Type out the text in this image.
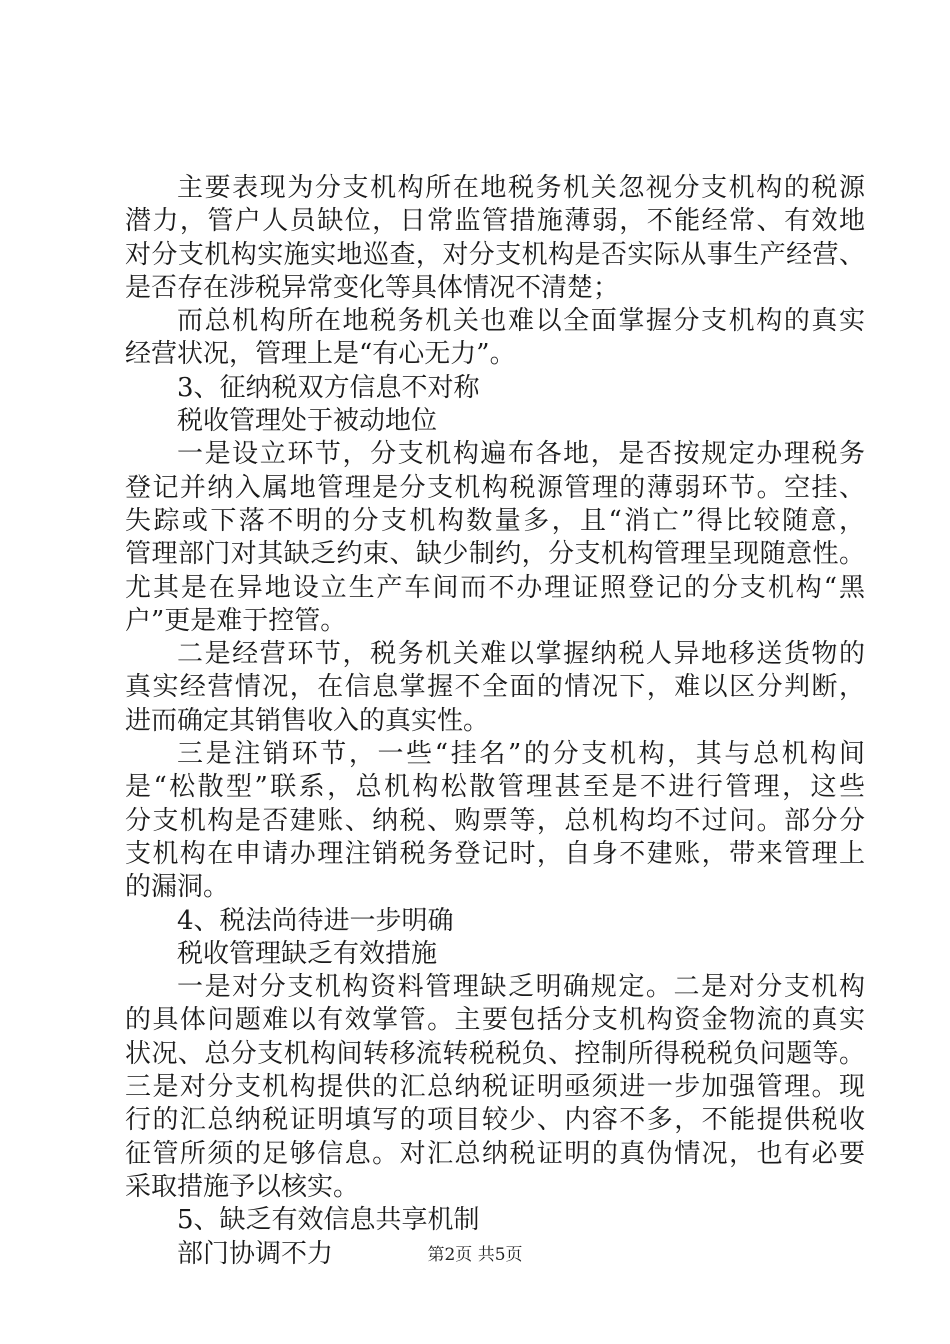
主要表现为分支机构所在地税务机关忽视分支机构的税源
潜力，管户人员缺位，日常监管措施薄弱，不能经常、有效地
对分支机构实施实地巡查，对分支机构是否实际从事生产经营、
是否存在涉税异常变化等具体情况不清楚；
而总机构所在地税务机关也难以全面掌握分支机构的真实
经营状况，管理上是“有心无力”。
3、征纳税双方信息不对称
税收管理处于被动地位
一是设立环节，分支机构遍布各地，是否按规定办理税务
登记并纳入属地管理是分支机构税源管理的薄弱环节。空挂、
失踪或下落不明的分支机构数量多，且“消亡”得比较随意，
管理部门对其缺乏约束、缺少制约，分支机构管理呈现随意性。
尤其是在异地设立生产车间而不办理证照登记的分支机构“黑
户”更是难于控管。
二是经营环节，税务机关难以掌握纳税人异地移送货物的
真实经营情况，在信息掌握不全面的情况下，难以区分判断，
进而确定其销售收入的真实性。
三是注销环节，一些“挂名”的分支机构，其与总机构间
是“松散型”联系，总机构松散管理甚至是不进行管理，这些
分支机构是否建账、纳税、购票等，总机构均不过问。部分分
支机构在申请办理注销税务登记时，自身不建账，带来管理上
的漏洞。
4、税法尚待进一步明确
税收管理缺乏有效措施
一是对分支机构资料管理缺乏明确规定。二是对分支机构
的具体问题难以有效掌管。主要包括分支机构资金物流的真实
状况、总分支机构间转移流转税税负、控制所得税税负问题等。
三是对分支机构提供的汇总纳税证明亟须进一步加强管理。现
行的汇总纳税证明填写的项目较少、内容不多，不能提供税收
征管所须的足够信息。对汇总纳税证明的真伪情况，也有必要
采取措施予以核实。
5、缺乏有效信息共享机制
部门协调不力	第2页 共5页
